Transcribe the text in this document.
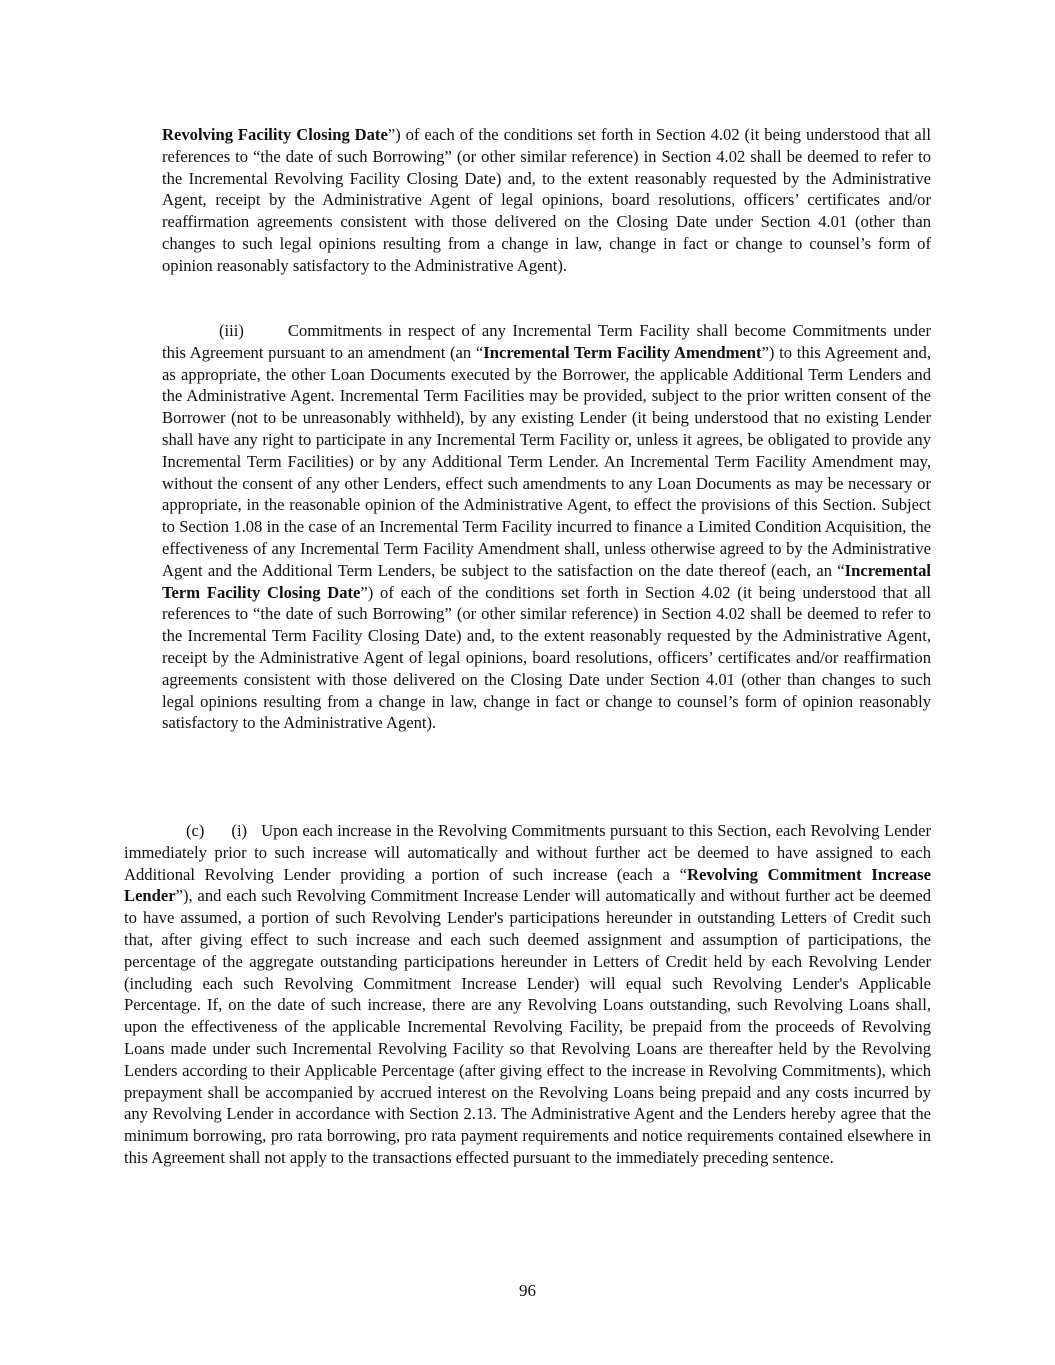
Revolving Facility Closing Date”) of each of the conditions set forth in Section 4.02 (it being understood that all references to “the date of such Borrowing” (or other similar reference) in Section 4.02 shall be deemed to refer to the Incremental Revolving Facility Closing Date) and, to the extent reasonably requested by the Administrative Agent, receipt by the Administrative Agent of legal opinions, board resolutions, officers’ certificates and/or reaffirmation agreements consistent with those delivered on the Closing Date under Section 4.01 (other than changes to such legal opinions resulting from a change in law, change in fact or change to counsel’s form of opinion reasonably satisfactory to the Administrative Agent).

(iii)	Commitments in respect of any Incremental Term Facility shall become Commitments under this Agreement pursuant to an amendment (an “Incremental Term Facility Amendment”) to this Agreement and, as appropriate, the other Loan Documents executed by the Borrower, the applicable Additional Term Lenders and the Administrative Agent. Incremental Term Facilities may be provided, subject to the prior written consent of the Borrower (not to be unreasonably withheld), by any existing Lender (it being understood that no existing Lender shall have any right to participate in any Incremental Term Facility or, unless it agrees, be obligated to provide any Incremental Term Facilities) or by any Additional Term Lender. An Incremental Term Facility Amendment may, without the consent of any other Lenders, effect such amendments to any Loan Documents as may be necessary or appropriate, in the reasonable opinion of the Administrative Agent, to effect the provisions of this Section. Subject to Section 1.08 in the case of an Incremental Term Facility incurred to finance a Limited Condition Acquisition, the effectiveness of any Incremental Term Facility Amendment shall, unless otherwise agreed to by the Administrative Agent and the Additional Term Lenders, be subject to the satisfaction on the date thereof (each, an “Incremental Term Facility Closing Date”) of each of the conditions set forth in Section 4.02 (it being understood that all references to “the date of such Borrowing” (or other similar reference) in Section 4.02 shall be deemed to refer to the Incremental Term Facility Closing Date) and, to the extent reasonably requested by the Administrative Agent, receipt by the Administrative Agent of legal opinions, board resolutions, officers’ certificates and/or reaffirmation agreements consistent with those delivered on the Closing Date under Section 4.01 (other than changes to such legal opinions resulting from a change in law, change in fact or change to counsel’s form of opinion reasonably satisfactory to the Administrative Agent).

(c) (i) Upon each increase in the Revolving Commitments pursuant to this Section, each Revolving Lender immediately prior to such increase will automatically and without further act be deemed to have assigned to each Additional Revolving Lender providing a portion of such increase (each a “Revolving Commitment Increase Lender”), and each such Revolving Commitment Increase Lender will automatically and without further act be deemed to have assumed, a portion of such Revolving Lender's participations hereunder in outstanding Letters of Credit such that, after giving effect to such increase and each such deemed assignment and assumption of participations, the percentage of the aggregate outstanding participations hereunder in Letters of Credit held by each Revolving Lender (including each such Revolving Commitment Increase Lender) will equal such Revolving Lender's Applicable Percentage. If, on the date of such increase, there are any Revolving Loans outstanding, such Revolving Loans shall, upon the effectiveness of the applicable Incremental Revolving Facility, be prepaid from the proceeds of Revolving Loans made under such Incremental Revolving Facility so that Revolving Loans are thereafter held by the Revolving Lenders according to their Applicable Percentage (after giving effect to the increase in Revolving Commitments), which prepayment shall be accompanied by accrued interest on the Revolving Loans being prepaid and any costs incurred by any Revolving Lender in accordance with Section 2.13. The Administrative Agent and the Lenders hereby agree that the minimum borrowing, pro rata borrowing, pro rata payment requirements and notice requirements contained elsewhere in this Agreement shall not apply to the transactions effected pursuant to the immediately preceding sentence.

96
